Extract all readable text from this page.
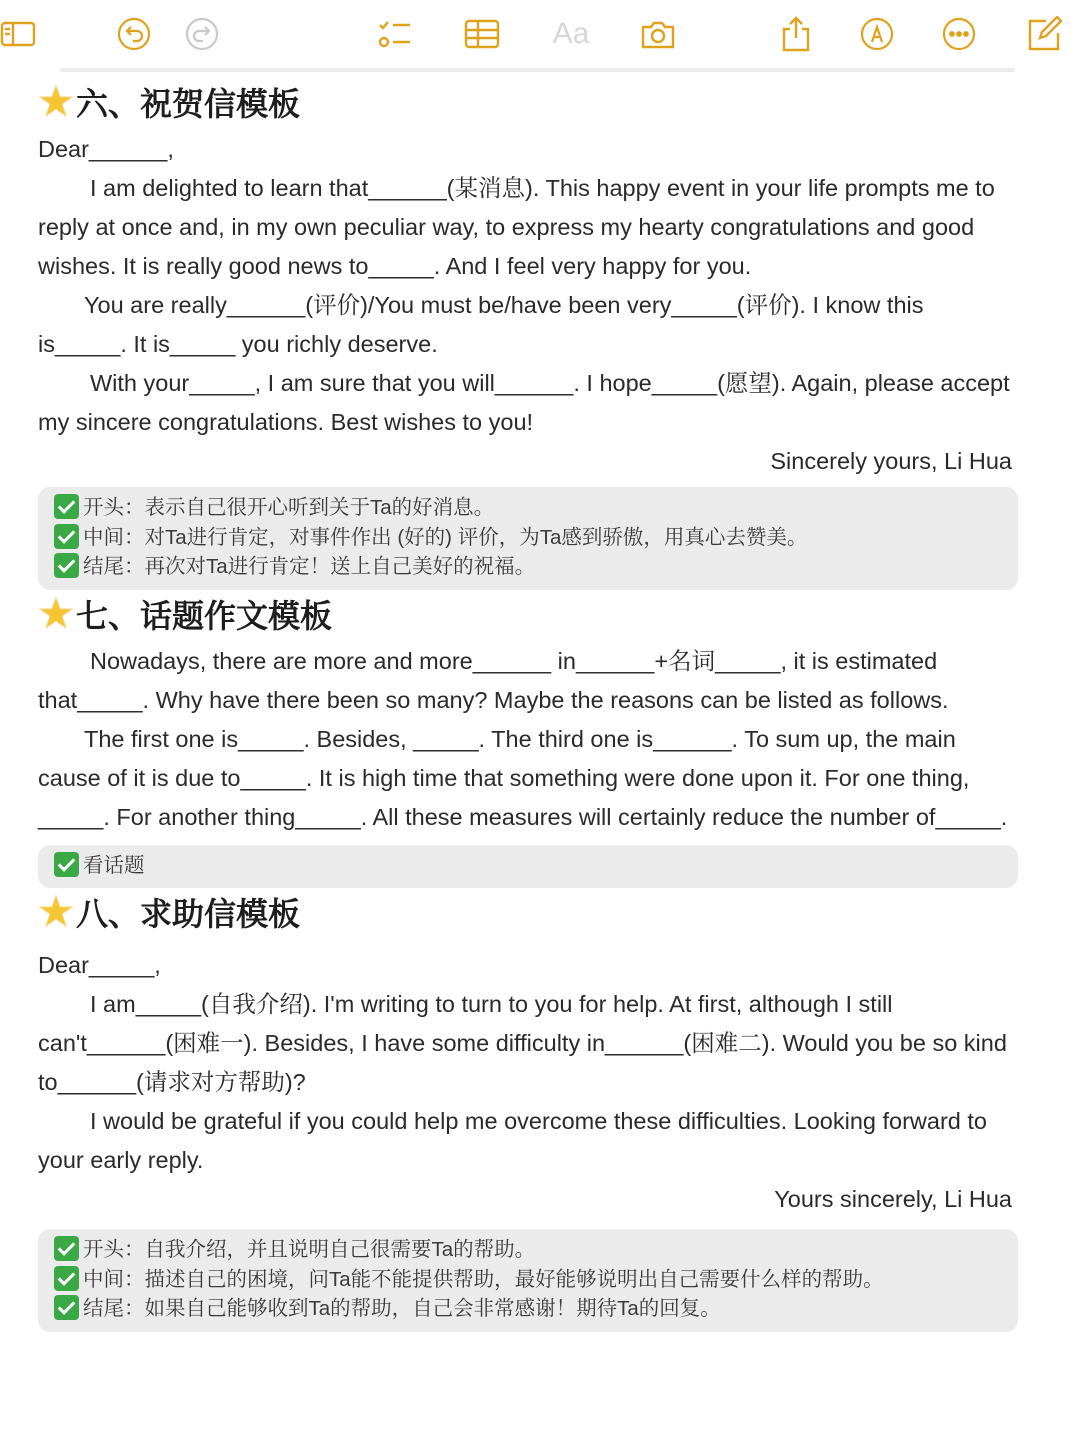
Aa
六、祝贺信模板

Dear______,

I am delighted to learn that______(某消息). This happy event in your life prompts me to reply at once and, in my own peculiar way, to express my hearty congratulations and good wishes. It is really good news to_____. And I feel very happy for you.

You are really______(评价)/You must be/have been very_____(评价). I know this is_____. It is_____ you richly deserve.

With your_____, I am sure that you will______. I hope_____(愿望). Again, please accept my sincere congratulations. Best wishes to you!

Sincerely yours, Li Hua

开头：表示自己很开心听到关于Ta的好消息。
中间：对Ta进行肯定，对事件作出 (好的) 评价，为Ta感到骄傲，用真心去赞美。
结尾：再次对Ta进行肯定！送上自己美好的祝福。
七、话题作文模板

Nowadays, there are more and more______ in______+名词_____, it is estimated that_____. Why have there been so many? Maybe the reasons can be listed as follows.

The first one is_____. Besides, _____. The third one is______. To sum up, the main cause of it is due to_____. It is high time that something were done upon it. For one thing, _____. For another thing_____. All these measures will certainly reduce the number of_____.

看话题
八、求助信模板

Dear_____,

I am_____(自我介绍). I'm writing to turn to you for help. At first, although I still can't______(困难一). Besides, I have some difficulty in______(困难二). Would you be so kind to______(请求对方帮助)?

I would be grateful if you could help me overcome these difficulties. Looking forward to your early reply.

Yours sincerely, Li Hua

开头：自我介绍，并且说明自己很需要Ta的帮助。
中间：描述自己的困境，问Ta能不能提供帮助，最好能够说明出自己需要什么样的帮助。
结尾：如果自己能够收到Ta的帮助，自己会非常感谢！期待Ta的回复。
